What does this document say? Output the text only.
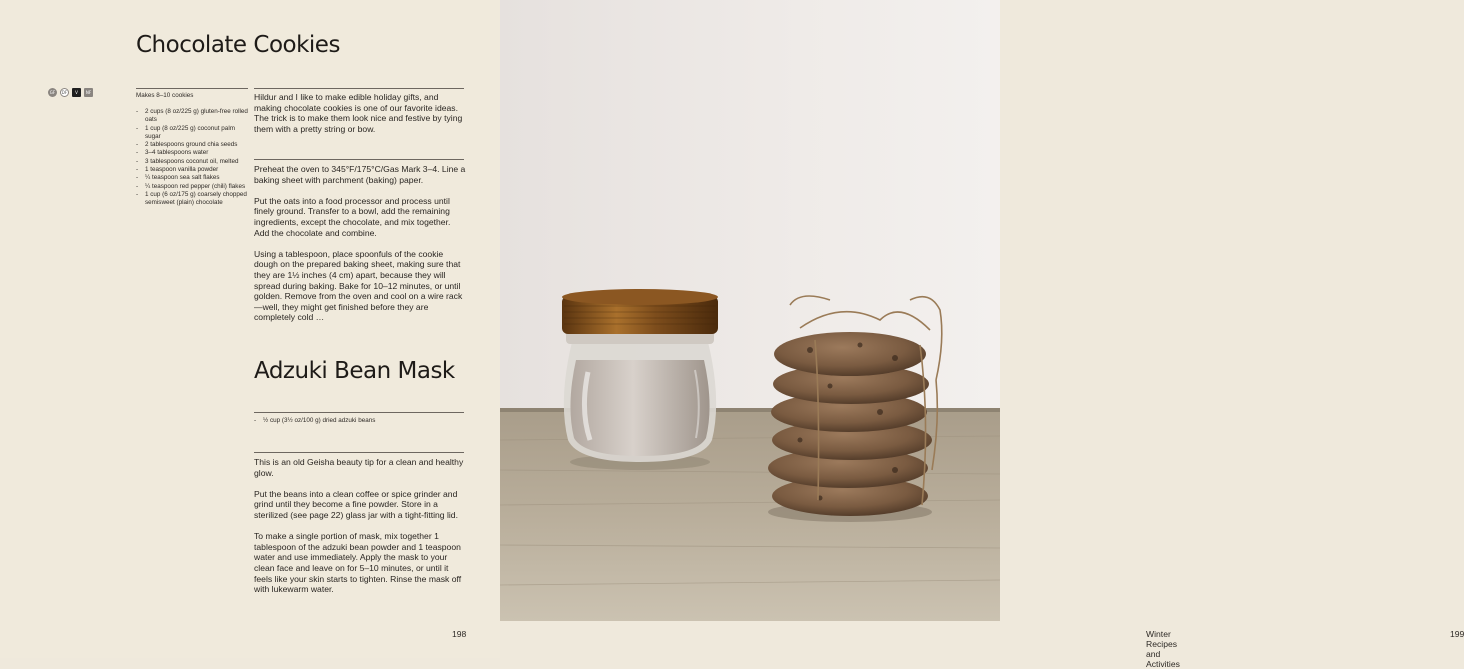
Chocolate Cookies
GF	DF	V	NF	Makes 8–10 cookies

- 2 cups (8 oz/225 g) gluten-free rolled oats
- 1 cup (8 oz/225 g) coconut palm sugar
- 2 tablespoons ground chia seeds
- 3–4 tablespoons water
- 3 tablespoons coconut oil, melted
- 1 teaspoon vanilla powder
- ¼ teaspoon sea salt flakes
- ¼ teaspoon red pepper (chili) flakes
- 1 cup (6 oz/175 g) coarsely chopped semisweet (plain) chocolate

Hildur and I like to make edible holiday gifts, and making chocolate cookies is one of our favorite ideas. The trick is to make them look nice and festive by tying them with a pretty string or bow.

Preheat the oven to 345°F/175°C/Gas Mark 3–4. Line a baking sheet with parchment (baking) paper.

Put the oats into a food processor and process until finely ground. Transfer to a bowl, add the remaining ingredients, except the chocolate, and mix together. Add the chocolate and combine.

Using a tablespoon, place spoonfuls of the cookie dough on the prepared baking sheet, making sure that they are 1½ inches (4 cm) apart, because they will spread during baking. Bake for 10–12 minutes, or until golden. Remove from the oven and cool on a wire rack—well, they might get finished before they are completely cold …

Adzuki Bean Mask
- ½ cup (3½ oz/100 g) dried adzuki beans

This is an old Geisha beauty tip for a clean and healthy glow.

Put the beans into a clean coffee or spice grinder and grind until they become a fine powder. Store in a sterilized (see page 22) glass jar with a tight-fitting lid.

To make a single portion of mask, mix together 1 tablespoon of the adzuki bean powder and 1 teaspoon water and use immediately. Apply the mask to your clean face and leave on for 5–10 minutes, or until it feels like your skin starts to tighten. Rinse the mask off with lukewarm water.

198	Winter Recipes and Activities
199
